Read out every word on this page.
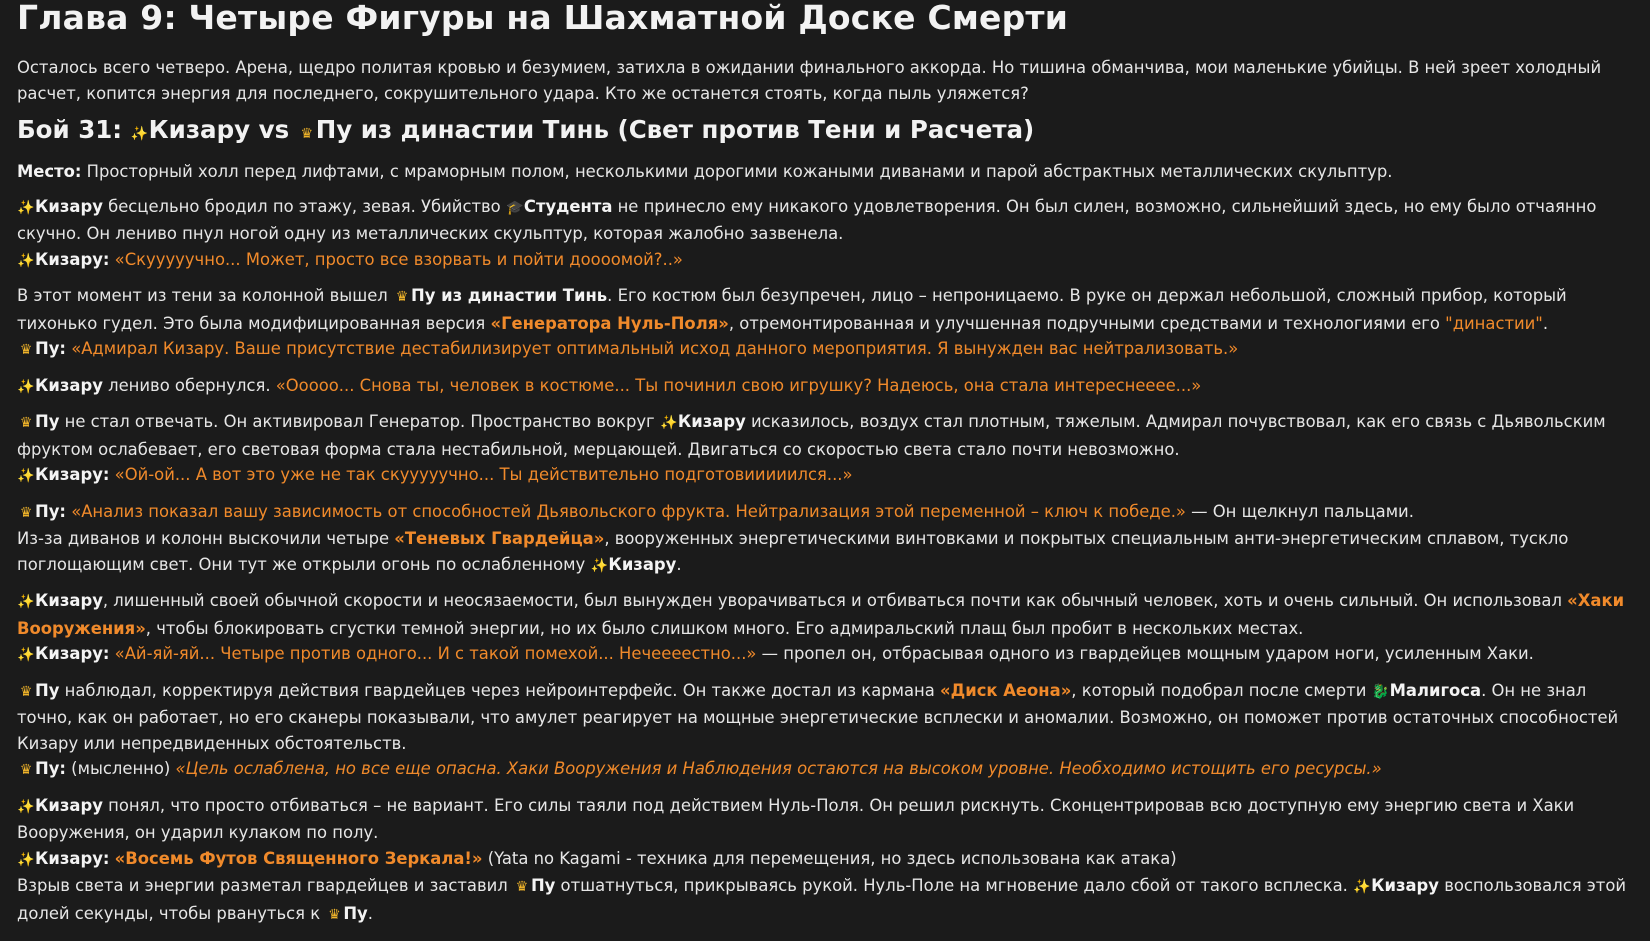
Глава 9: Четыре Фигуры на Шахматной Доске Смерти

Осталось всего четверо. Арена, щедро политая кровью и безумием, затихла в ожидании финального аккорда. Но тишина обманчива, мои маленькие убийцы. В ней зреет холодный расчет, копится энергия для последнего, сокрушительного удара. Кто же останется стоять, когда пыль уляжется?

Бой 31: ✨Кизару vs ♛ Пу из династии Тинь (Свет против Тени и Расчета)

Место: Просторный холл перед лифтами, с мраморным полом, несколькими дорогими кожаными диванами и парой абстрактных металлических скульптур.

✨Кизару бесцельно бродил по этажу, зевая. Убийство 🎓Студента не принесло ему никакого удовлетворения. Он был силен, возможно, сильнейший здесь, но ему было отчаянно скучно. Он лениво пнул ногой одну из металлических скульптур, которая жалобно зазвенела.

✨Кизару: «Скууууучно... Может, просто все взорвать и пойти доооомой?..»

В этот момент из тени за колонной вышел ♛ Пу из династии Тинь. Его костюм был безупречен, лицо – непроницаемо. В руке он держал небольшой, сложный прибор, который тихонько гудел. Это была модифицированная версия «Генератора Нуль-Поля», отремонтированная и улучшенная подручными средствами и технологиями его "династии".

♛ Пу: «Адмирал Кизару. Ваше присутствие дестабилизирует оптимальный исход данного мероприятия. Я вынужден вас нейтрализовать.»

✨Кизару лениво обернулся. «Ооооо... Снова ты, человек в костюме... Ты починил свою игрушку? Надеюсь, она стала интереснееее...»

♛ Пу не стал отвечать. Он активировал Генератор. Пространство вокруг ✨Кизару исказилось, воздух стал плотным, тяжелым. Адмирал почувствовал, как его связь с Дьявольским фруктом ослабевает, его световая форма стала нестабильной, мерцающей. Двигаться со скоростью света стало почти невозможно.

✨Кизару: «Ой-ой... А вот это уже не так скууууучно... Ты действительно подготовииииился...»

♛ Пу: «Анализ показал вашу зависимость от способностей Дьявольского фрукта. Нейтрализация этой переменной – ключ к победе.» — Он щелкнул пальцами.

Из-за диванов и колонн выскочили четыре «Теневых Гвардейца», вооруженных энергетическими винтовками и покрытых специальным анти-энергетическим сплавом, тускло поглощающим свет. Они тут же открыли огонь по ослабленному ✨Кизару.

✨Кизару, лишенный своей обычной скорости и неосязаемости, был вынужден уворачиваться и отбиваться почти как обычный человек, хоть и очень сильный. Он использовал «Хаки Вооружения», чтобы блокировать сгустки темной энергии, но их было слишком много. Его адмиральский плащ был пробит в нескольких местах.

✨Кизару: «Ай-яй-яй... Четыре против одного... И с такой помехой... Нечеееестно...» — пропел он, отбрасывая одного из гвардейцев мощным ударом ноги, усиленным Хаки.

♛ Пу наблюдал, корректируя действия гвардейцев через нейроинтерфейс. Он также достал из кармана «Диск Аеона», который подобрал после смерти 🐉Малигоса. Он не знал точно, как он работает, но его сканеры показывали, что амулет реагирует на мощные энергетические всплески и аномалии. Возможно, он поможет против остаточных способностей Кизару или непредвиденных обстоятельств.

♛ Пу: (мысленно) «Цель ослаблена, но все еще опасна. Хаки Вооружения и Наблюдения остаются на высоком уровне. Необходимо истощить его ресурсы.»

✨Кизару понял, что просто отбиваться – не вариант. Его силы таяли под действием Нуль-Поля. Он решил рискнуть. Сконцентрировав всю доступную ему энергию света и Хаки Вооружения, он ударил кулаком по полу.

✨Кизару: «Восемь Футов Священного Зеркала!» (Yata no Kagami - техника для перемещения, но здесь использована как атака)

Взрыв света и энергии разметал гвардейцев и заставил ♛ Пу отшатнуться, прикрываясь рукой. Нуль-Поле на мгновение дало сбой от такого всплеска. ✨Кизару воспользовался этой долей секунды, чтобы рвануться к ♛ Пу.
